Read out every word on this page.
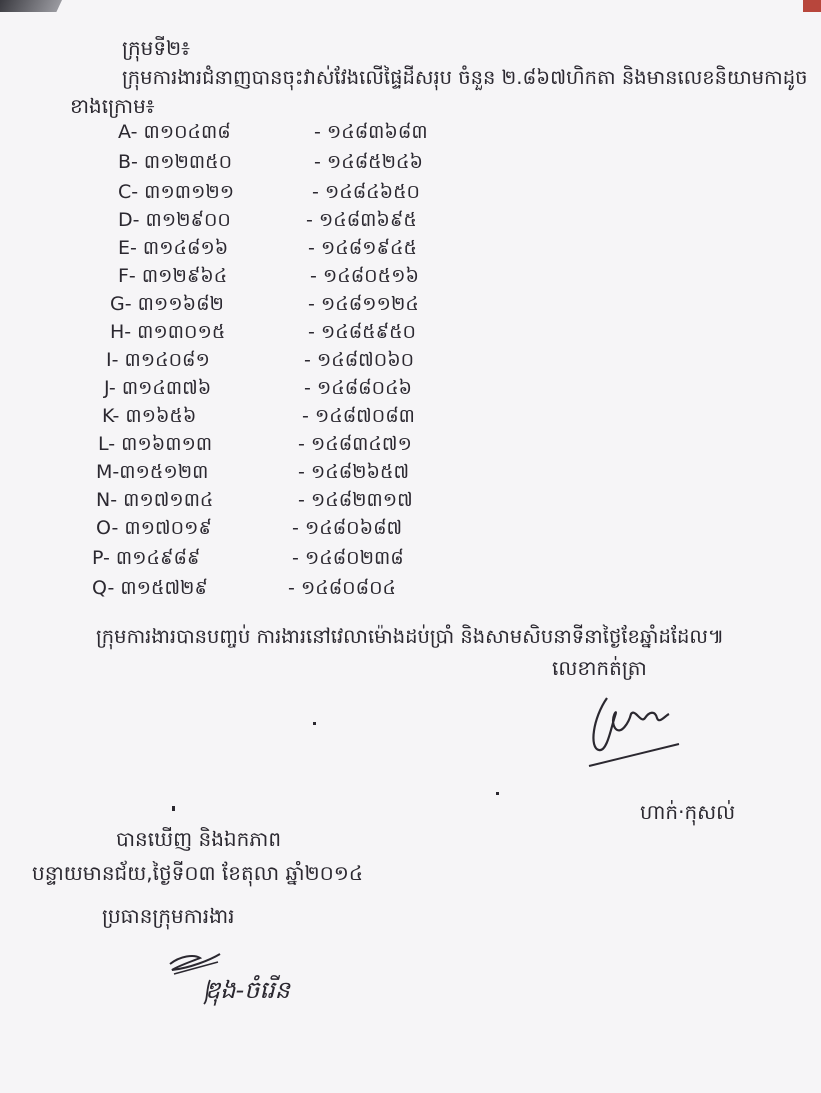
ក្រុមទី២៖
ក្រុមការងារជំនាញបានចុះវាស់វែងលើផ្ទៃដីសរុប ចំនួន ២.៨៦៧ហិកតា និងមានលេខនិយាមកាដូច
ខាងក្រោម៖
A- ៣១០៤៣៨	- ១៤៨៣៦៨៣
B- ៣១២៣៥០	- ១៤៨៥២៤៦
C- ៣១៣១២១	- ១៤៨៤៦៥០
D- ៣១២៩០០	- ១៤៨៣៦៩៥
E- ៣១៤៨១៦	- ១៤៨១៩៤៥
F- ៣១២៩៦៤	- ១៤៨០៥១៦
G- ៣១១៦៨២	- ១៤៨១១២៤
H- ៣១៣០១៥	- ១៤៨៥៩៥០
I- ៣១៤០៨១	- ១៤៨៧០៦០
J- ៣១៤៣៧៦	- ១៤៨៨០៤៦
K- ៣១៦៥៦	- ១៤៨៧០៨៣
L- ៣១៦៣១៣	- ១៤៨៣៤៧១
M-៣១៥១២៣	- ១៤៨២៦៥៧
N- ៣១៧១៣៤	- ១៤៨២៣១៧
O- ៣១៧០១៩	- ១៤៨០៦៨៧
P- ៣១៤៩៨៩	- ១៤៨០២៣៨
Q- ៣១៥៧២៩	- ១៤៨០៨០៤
ក្រុមការងារបានបញ្ចប់ ការងារនៅវេលាម៉ោងដប់ប្រាំ និងសាមសិបនាទីនាថ្ងៃខែឆ្នាំដដែល៕
លេខាកត់ត្រា
ហាក់·កុសល់
បានឃើញ និងឯកភាព
បន្ទាយមានជ័យ,ថ្ងៃទី០៣ ខែតុលា ឆ្នាំ២០១៤
ប្រធានក្រុមការងារ
ឌុង-ចំរើន
